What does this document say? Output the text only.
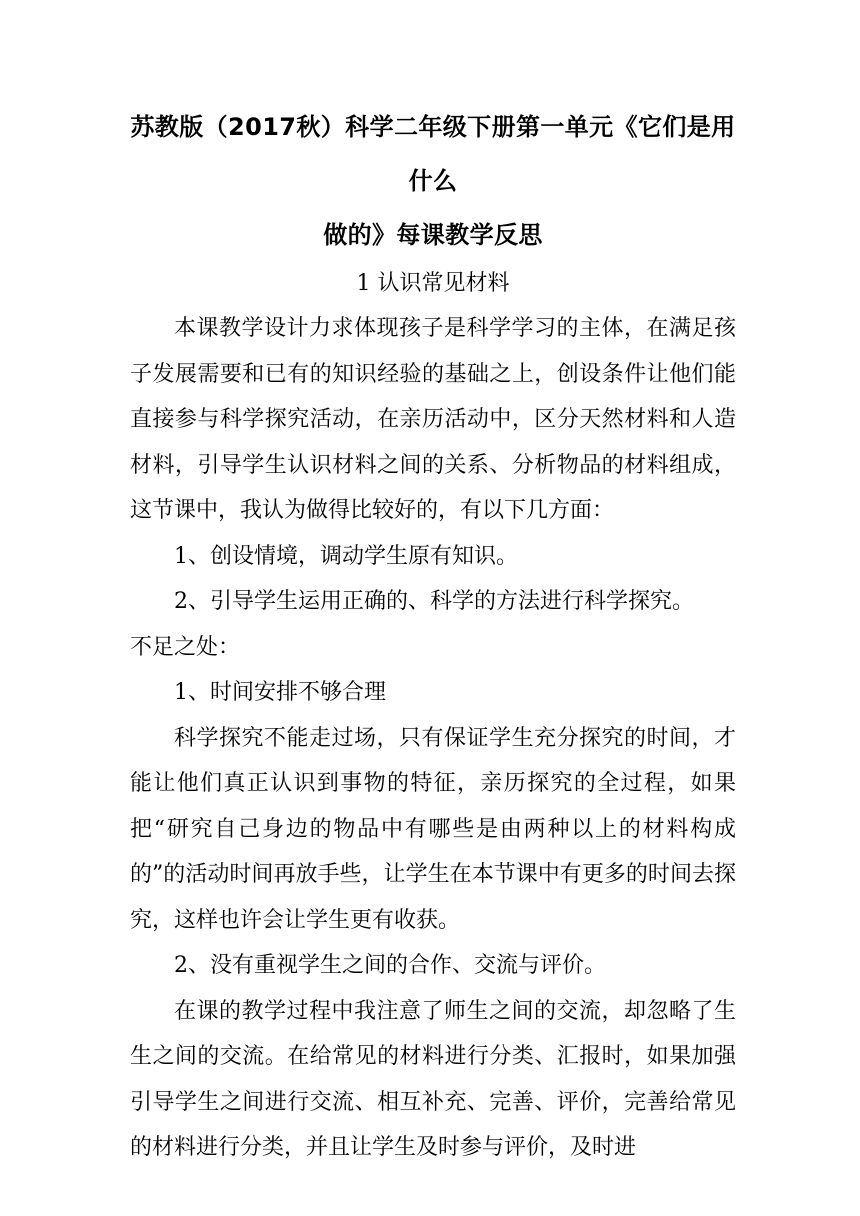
苏教版（2017秋）科学二年级下册第一单元《它们是用什么
做的》每课教学反思
1 认识常见材料

本课教学设计力求体现孩子是科学学习的主体，在满足孩子发展需要和已有的知识经验的基础之上，创设条件让他们能直接参与科学探究活动，在亲历活动中，区分天然材料和人造材料，引导学生认识材料之间的关系、分析物品的材料组成，这节课中，我认为做得比较好的，有以下几方面：

1、创设情境，调动学生原有知识。

2、引导学生运用正确的、科学的方法进行科学探究。

不足之处：

1、时间安排不够合理

科学探究不能走过场，只有保证学生充分探究的时间，才能让他们真正认识到事物的特征，亲历探究的全过程，如果把“研究自己身边的物品中有哪些是由两种以上的材料构成的”的活动时间再放手些，让学生在本节课中有更多的时间去探究，这样也许会让学生更有收获。

2、没有重视学生之间的合作、交流与评价。

在课的教学过程中我注意了师生之间的交流，却忽略了生生之间的交流。在给常见的材料进行分类、汇报时，如果加强引导学生之间进行交流、相互补充、完善、评价，完善给常见的材料进行分类，并且让学生及时参与评价，及时进
